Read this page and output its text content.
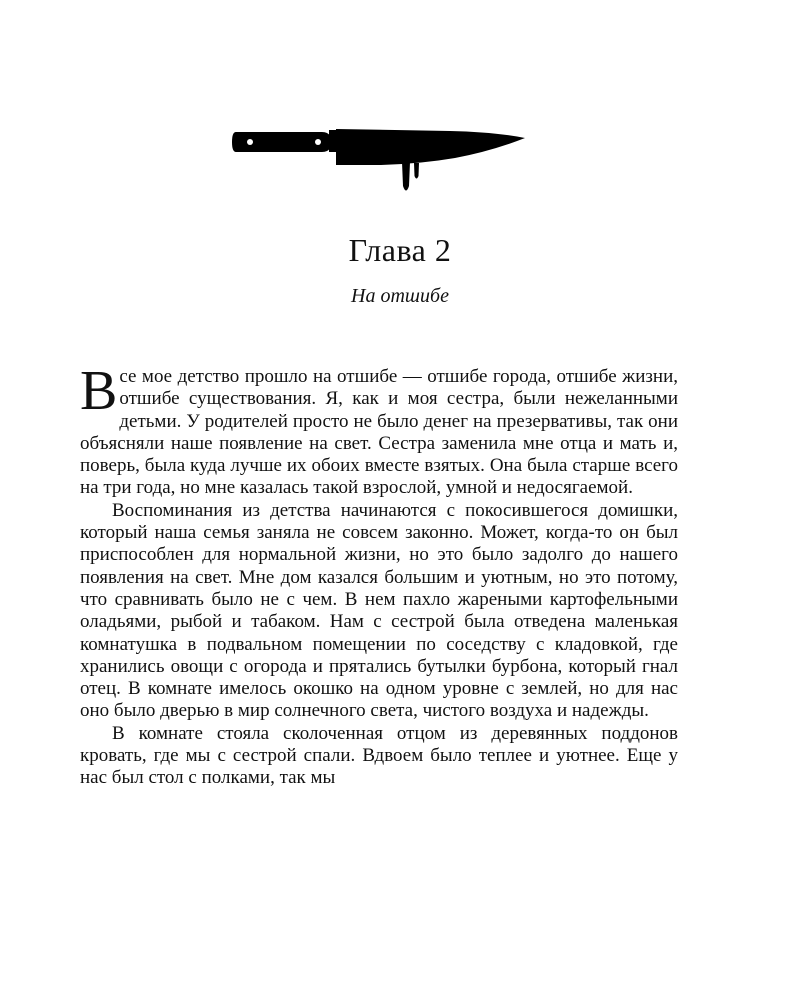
Глава 2
На отшибе

Все мое детство прошло на отшибе — отшибе города, отшибе жизни, отшибе существования. Я, как и моя сестра, были нежеланными детьми. У родителей просто не было денег на презервативы, так они объясняли наше появление на свет. Сестра заменила мне отца и мать и, поверь, была куда лучше их обоих вместе взятых. Она была старше всего на три года, но мне казалась такой взрослой, умной и недосягаемой.

Воспоминания из детства начинаются с покосившегося домишки, который наша семья заняла не совсем законно. Может, когда-то он был приспособлен для нормальной жизни, но это было задолго до нашего появления на свет. Мне дом казался большим и уютным, но это потому, что сравнивать было не с чем. В нем пахло жареными картофельными оладьями, рыбой и табаком. Нам с сестрой была отведена маленькая комнатушка в подвальном помещении по соседству с кладовкой, где хранились овощи с огорода и прятались бутылки бурбона, который гнал отец. В комнате имелось окошко на одном уровне с землей, но для нас оно было дверью в мир солнечного света, чистого воздуха и надежды.

В комнате стояла сколоченная отцом из деревянных поддонов кровать, где мы с сестрой спали. Вдвоем было теплее и уютнее. Еще у нас был стол с полками, так мы
